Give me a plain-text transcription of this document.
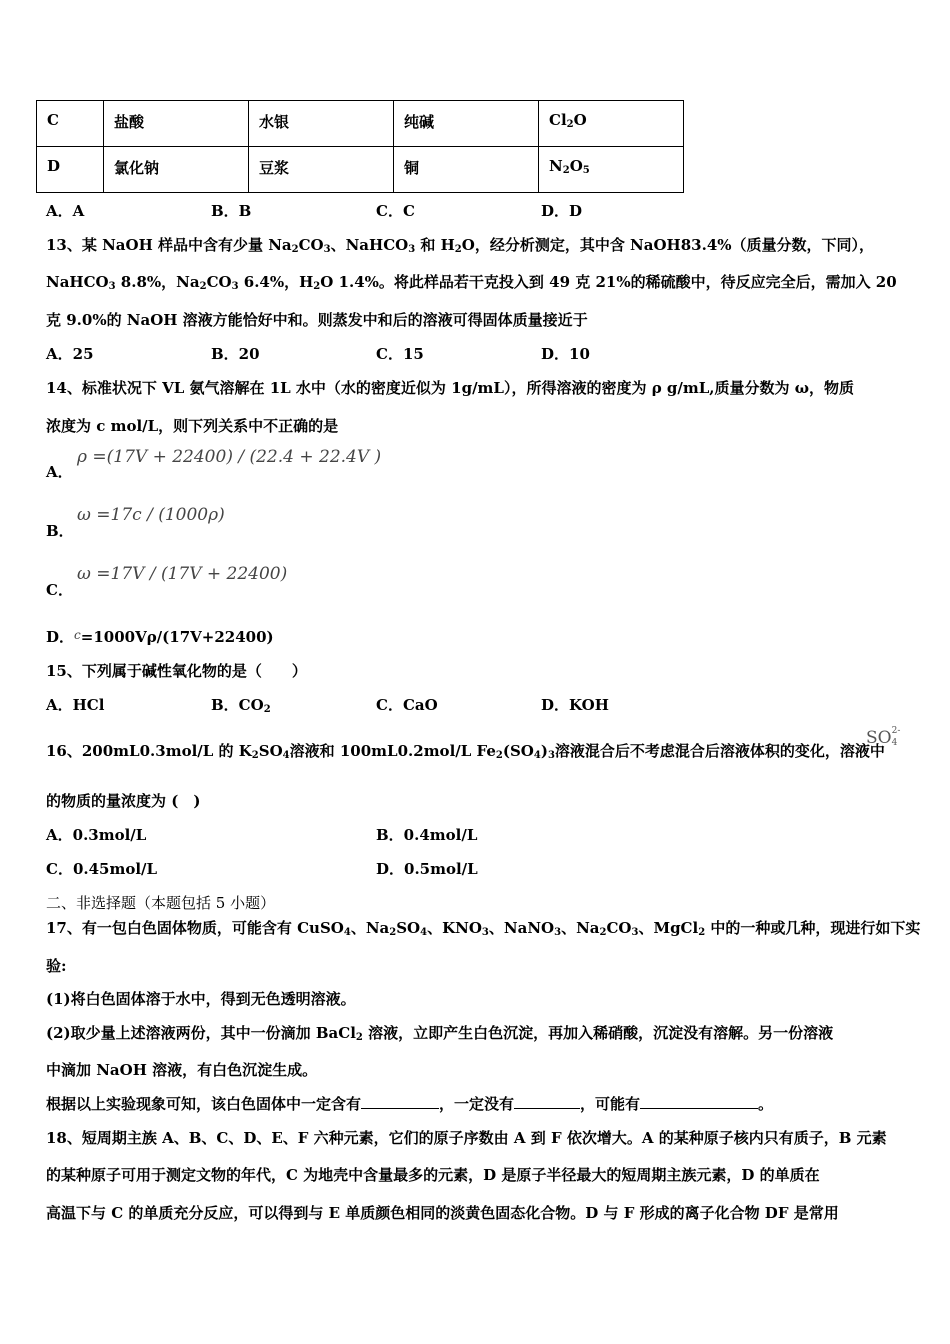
C	盐酸	水银	纯碱	$Cl_2O$
D	氯化钠	豆浆	铜	$N_2O_5$
A．A	B．B	C．C	D．D
13、某 NaOH 样品中含有少量 $Na_2CO_3$、NaHCO$_3$ 和 $H_2O$，经分析测定，其中含 NaOH83.4%（质量分数，下同），
NaHCO$_3$ 8.8%，$Na_2CO_3$ 6.4%，$H_2O$ 1.4%。将此样品若干克投入到 49 克 21%的稀硫酸中，待反应完全后，需加入 20
克 9.0%的 NaOH 溶液方能恰好中和。则蒸发中和后的溶液可得固体质量接近于
A．25	B．20	C．15	D．10
14、标准状况下 VL 氨气溶解在 1L 水中（水的密度近似为 1g/mL），所得溶液的密度为 ρ g/mL,质量分数为 ω，物质
浓度为 c mol/L，则下列关系中不正确的是
A．
ρ =(17V + 22400) / (22.4 + 22.4V )
B．
ω =17c / (1000ρ)
C．
ω =17V / (17V + 22400)
D．$^c$=1000Vρ/(17V+22400)
15、下列属于碱性氧化物的是（　　）
A．HCl	B．$CO_2$	C．CaO	D．KOH
16、200mL0.3mol/L 的 $K_2SO_4$溶液和 100mL0.2mol/L $Fe_2(SO_4)_3$溶液混合后不考虑混合后溶液体积的变化，溶液中
SO 2-
4
的物质的量浓度为 (　)
A．0.3mol/L	B．0.4mol/L
C．0.45mol/L	D．0.5mol/L
二、非选择题（本题包括 5 小题）
17、有一包白色固体物质，可能含有 CuSO$_4$、$Na_2SO_4$、$KNO_3$、NaNO$_3$、$Na_2CO_3$、MgCl$_2$ 中的一种或几种，现进行如下实
验:
(1)将白色固体溶于水中，得到无色透明溶液。
(2)取少量上述溶液两份，其中一份滴加 BaCl$_2$ 溶液，立即产生白色沉淀，再加入稀硝酸，沉淀没有溶解。另一份溶液
中滴加 NaOH 溶液，有白色沉淀生成。
根据以上实验现象可知，该白色固体中一定含有	，一定没有	，可能有	。
18、短周期主族 A、B、C、D、E、F 六种元素，它们的原子序数由 A 到 F 依次增大。A 的某种原子核内只有质子，B 元素
的某种原子可用于测定文物的年代，C 为地壳中含量最多的元素，D 是原子半径最大的短周期主族元素，D 的单质在
高温下与 C 的单质充分反应，可以得到与 E 单质颜色相同的淡黄色固态化合物。D 与 F 形成的离子化合物 DF 是常用
